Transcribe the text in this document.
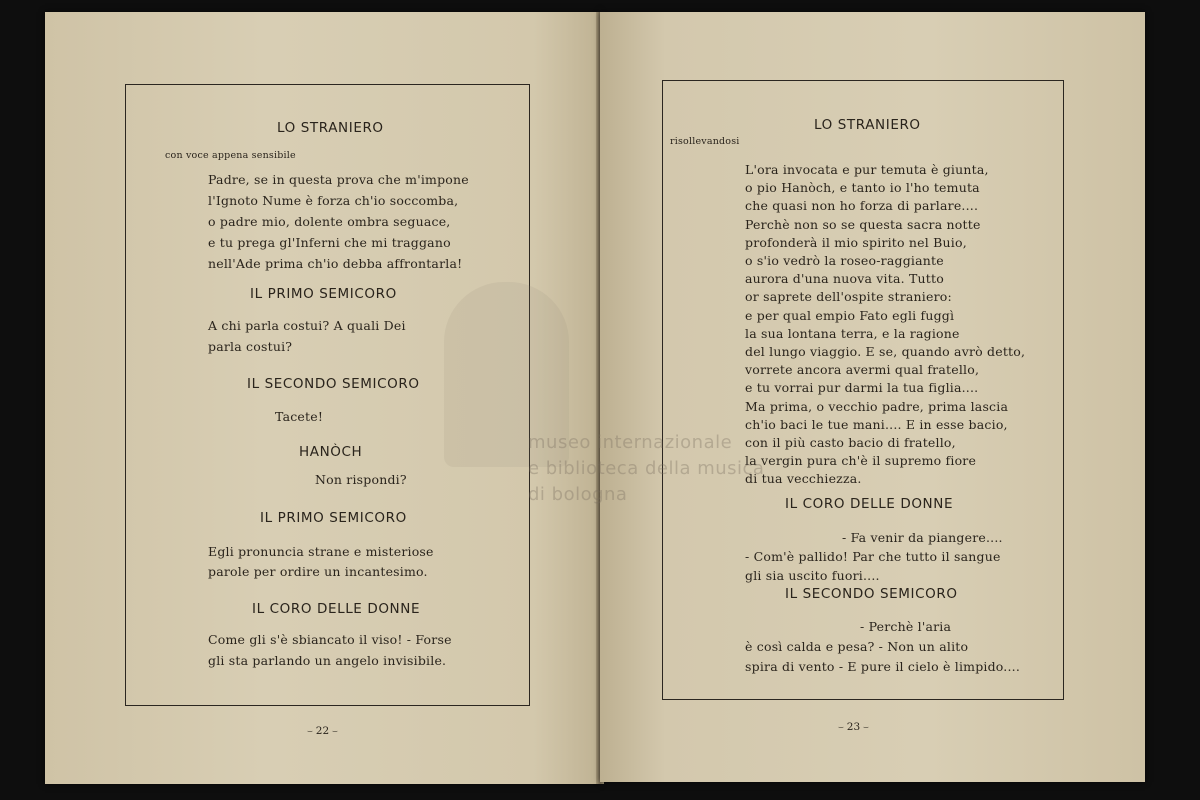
LO STRANIERO
con voce appena sensibile
Padre, se in questa prova che m'impone
l'Ignoto Nume è forza ch'io soccomba,
o padre mio, dolente ombra seguace,
e tu prega gl'Inferni che mi traggano
nell'Ade prima ch'io debba affrontarla!
IL PRIMO SEMICORO
A chi parla costui? A quali Dei
parla costui?
IL SECONDO SEMICORO
Tacete!
HANÒCH
Non rispondi?
IL PRIMO SEMICORO
Egli pronuncia strane e misteriose
parole per ordire un incantesimo.
IL CORO DELLE DONNE
Come gli s'è sbiancato il viso! - Forse
gli sta parlando un angelo invisibile.
⌣ 22 ⌣
LO STRANIERO
risollevandosi
L'ora invocata e pur temuta è giunta,
o pio Hanòch, e tanto io l'ho temuta
che quasi non ho forza di parlare....
Perchè non so se questa sacra notte
profonderà il mio spirito nel Buio,
o s'io vedrò la roseo-raggiante
aurora d'una nuova vita. Tutto
or saprete dell'ospite straniero:
e per qual empio Fato egli fuggì
la sua lontana terra, e la ragione
del lungo viaggio. E se, quando avrò detto,
vorrete ancora avermi qual fratello,
e tu vorrai pur darmi la tua figlia....
Ma prima, o vecchio padre, prima lascia
ch'io baci le tue mani.... E in esse bacio,
con il più casto bacio di fratello,
la vergin pura ch'è il supremo fiore
di tua vecchiezza.
IL CORO DELLE DONNE
- Fa venir da piangere....
- Com'è pallido! Par che tutto il sangue
gli sia uscito fuori....
IL SECONDO SEMICORO
- Perchè l'aria
è così calda e pesa? - Non un alito
spira di vento - E pure il cielo è limpido....
⌣ 23 ⌣
museo internazionale
e biblioteca della musica
di bologna
